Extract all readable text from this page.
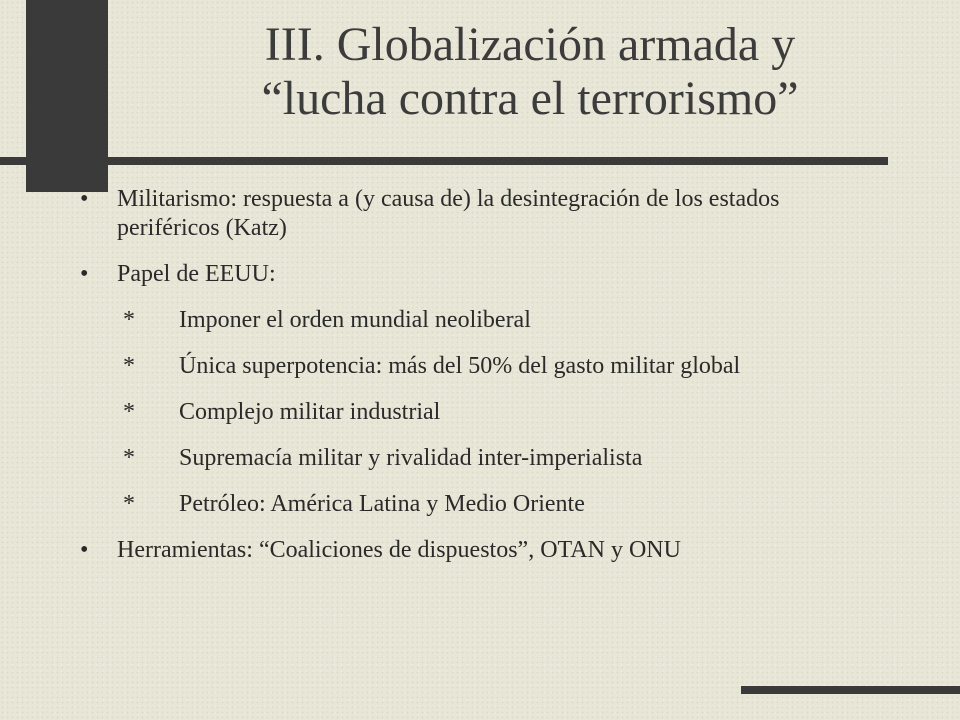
III. Globalización armada y
“lucha contra el terrorismo”
• Militarismo: respuesta a (y causa de) la desintegración de los estados periféricos (Katz)
• Papel de EEUU:
* Imponer el orden mundial neoliberal
* Única superpotencia: más del 50% del gasto militar global
* Complejo militar industrial
* Supremacía militar y rivalidad inter-imperialista
* Petróleo: América Latina y Medio Oriente
• Herramientas: “Coaliciones de dispuestos”, OTAN y ONU
